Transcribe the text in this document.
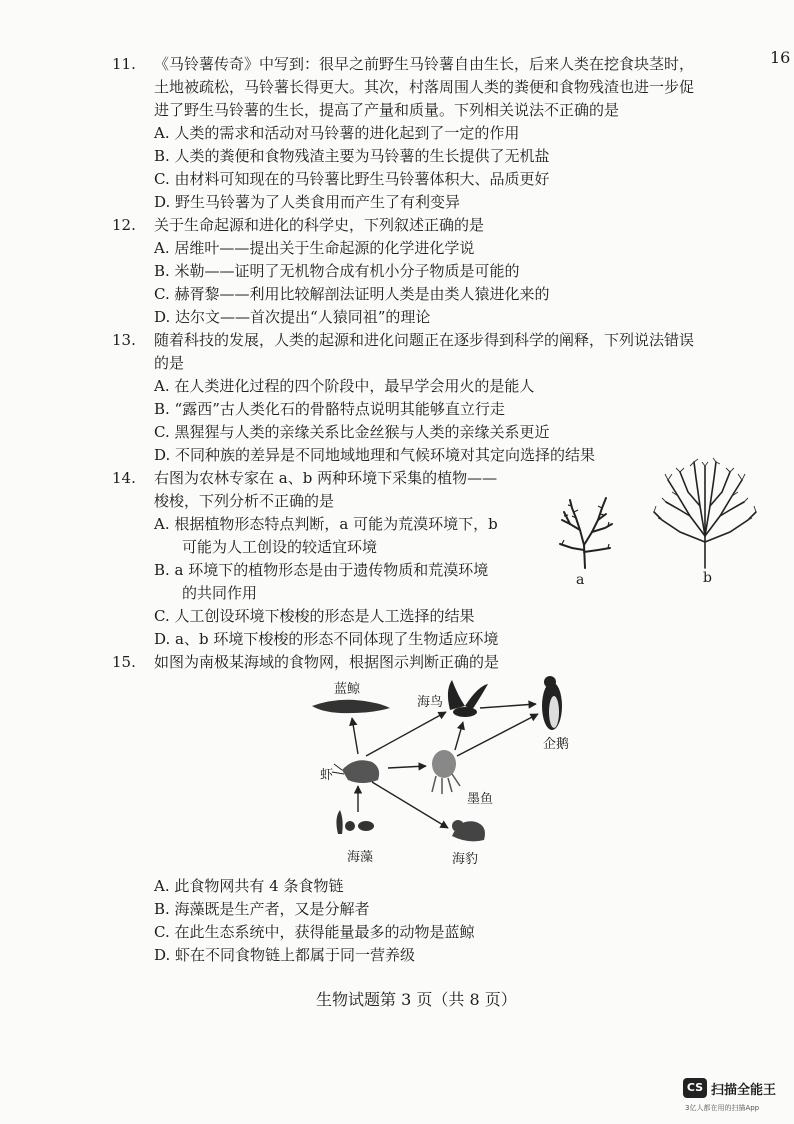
16
11. 《马铃薯传奇》中写到：很早之前野生马铃薯自由生长，后来人类在挖食块茎时，
土地被疏松，马铃薯长得更大。其次，村落周围人类的粪便和食物残渣也进一步促
进了野生马铃薯的生长，提高了产量和质量。下列相关说法不正确的是
A. 人类的需求和活动对马铃薯的进化起到了一定的作用
B. 人类的粪便和食物残渣主要为马铃薯的生长提供了无机盐
C. 由材料可知现在的马铃薯比野生马铃薯体积大、品质更好
D. 野生马铃薯为了人类食用而产生了有利变异
12. 关于生命起源和进化的科学史，下列叙述正确的是
A. 居维叶——提出关于生命起源的化学进化学说
B. 米勒——证明了无机物合成有机小分子物质是可能的
C. 赫胥黎——利用比较解剖法证明人类是由类人猿进化来的
D. 达尔文——首次提出“人猿同祖”的理论
13. 随着科技的发展，人类的起源和进化问题正在逐步得到科学的阐释，下列说法错误
的是
A. 在人类进化过程的四个阶段中，最早学会用火的是能人
B. “露西”古人类化石的骨骼特点说明其能够直立行走
C. 黑猩猩与人类的亲缘关系比金丝猴与人类的亲缘关系更近
D. 不同种族的差异是不同地域地理和气候环境对其定向选择的结果
14. 右图为农林专家在 a、b 两种环境下采集的植物——
梭梭，下列分析不正确的是
A. 根据植物形态特点判断，a 可能为荒漠环境下，b
可能为人工创设的较适宜环境
B. a 环境下的植物形态是由于遗传物质和荒漠环境
的共同作用
C. 人工创设环境下梭梭的形态是人工选择的结果
D. a、b 环境下梭梭的形态不同体现了生物适应环境
a	b
15. 如图为南极某海域的食物网，根据图示判断正确的是
蓝鲸
海鸟
企鹅
虾
墨鱼
海藻	海豹
A. 此食物网共有 4 条食物链
B. 海藻既是生产者，又是分解者
C. 在此生态系统中，获得能量最多的动物是蓝鲸
D. 虾在不同食物链上都属于同一营养级
生物试题第 3 页（共 8 页）
CS 扫描全能王
3亿人都在用的扫描App
